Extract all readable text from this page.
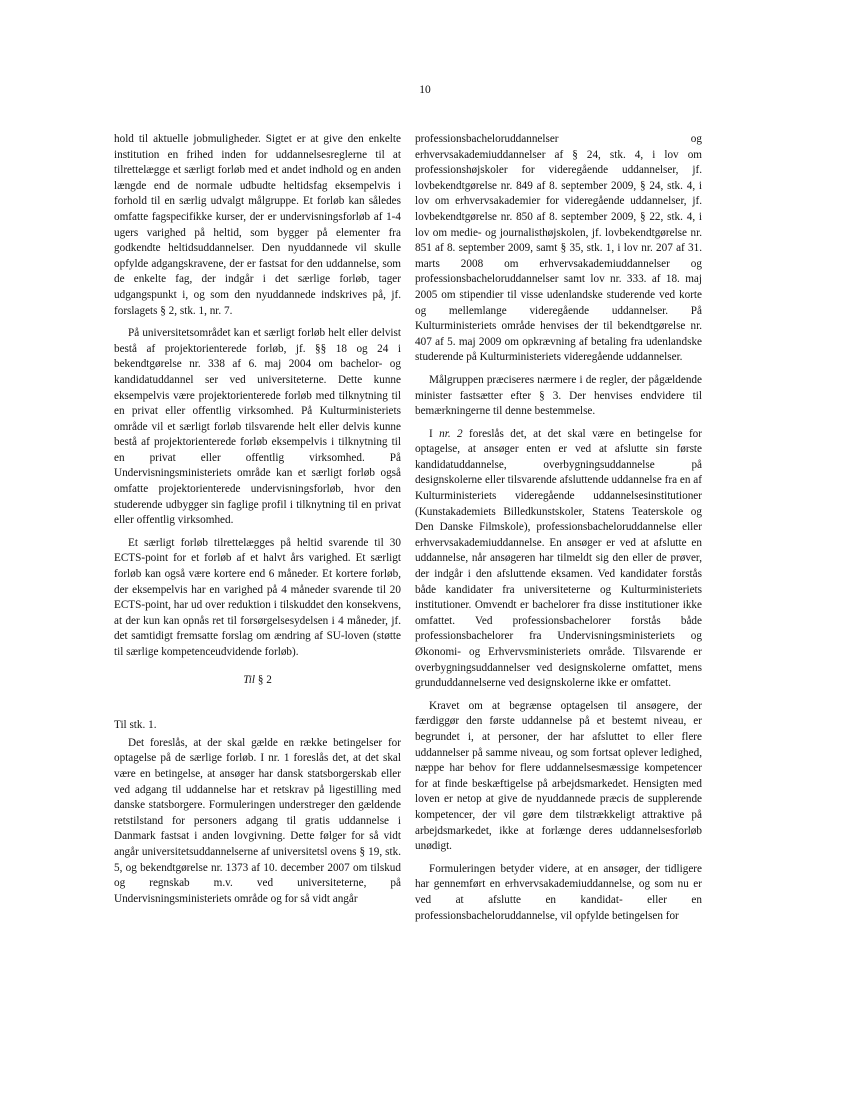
10

hold til aktuelle jobmuligheder. Sigtet er at give den enkelte institution en frihed inden for uddannelsesreglerne til at tilrettelægge et særligt forløb med et andet indhold og en anden længde end de normale udbudte heltidsfag eksempelvis i forhold til en særlig udvalgt målgruppe. Et forløb kan således omfatte fagspecifikke kurser, der er undervisningsforløb af 1-4 ugers varighed på heltid, som bygger på elementer fra godkendte heltidsuddannelser. Den nyuddannede vil skulle opfylde adgangskravene, der er fastsat for den uddannelse, som de enkelte fag, der indgår i det særlige forløb, tager udgangspunkt i, og som den nyuddannede indskrives på, jf. forslagets § 2, stk. 1, nr. 7.

På universitetsområdet kan et særligt forløb helt eller delvist bestå af projektorienterede forløb, jf. §§ 18 og 24 i bekendtgørelse nr. 338 af 6. maj 2004 om bachelor- og kandidatuddannel ser ved universiteterne. Dette kunne eksempelvis være projektorienterede forløb med tilknytning til en privat eller offentlig virksomhed. På Kulturministeriets område vil et særligt forløb tilsvarende helt eller delvis kunne bestå af projektorienterede forløb eksempelvis i tilknytning til en privat eller offentlig virksomhed. På Undervisningsministeriets område kan et særligt forløb også omfatte projektorienterede undervisningsforløb, hvor den studerende udbygger sin faglige profil i tilknytning til en privat eller offentlig virksomhed.

Et særligt forløb tilrettelægges på heltid svarende til 30 ECTS-point for et forløb af et halvt års varighed. Et særligt forløb kan også være kortere end 6 måneder. Et kortere forløb, der eksempelvis har en varighed på 4 måneder svarende til 20 ECTS-point, har ud over reduktion i tilskuddet den konsekvens, at der kun kan opnås ret til forsørgelsesydelsen i 4 måneder, jf. det samtidigt fremsatte forslag om ændring af SU-loven (støtte til særlige kompetenceudvidende forløb).

Til § 2

Til stk. 1.

Det foreslås, at der skal gælde en række betingelser for optagelse på de særlige forløb. I nr. 1 foreslås det, at det skal være en betingelse, at ansøger har dansk statsborgerskab eller ved adgang til uddannelse har et retskrav på ligestilling med danske statsborgere. Formuleringen understreger den gældende retstilstand for personers adgang til gratis uddannelse i Danmark fastsat i anden lovgivning. Dette følger for så vidt angår universitetsuddannelserne af universitetsl ovens § 19, stk. 5, og bekendtgørelse nr. 1373 af 10. december 2007 om tilskud og regnskab m.v. ved universiteterne, på Undervisningsministeriets område og for så vidt angår

professionsbacheloruddannelser og erhvervsakademiuddannelser af § 24, stk. 4, i lov om professionshøjskoler for videregående uddannelser, jf. lovbekendtgørelse nr. 849 af 8. september 2009, § 24, stk. 4, i lov om erhvervsakademier for videregående uddannelser, jf. lovbekendtgørelse nr. 850 af 8. september 2009, § 22, stk. 4, i lov om medie- og journalisthøjskolen, jf. lovbekendtgørelse nr. 851 af 8. september 2009, samt § 35, stk. 1, i lov nr. 207 af 31. marts 2008 om erhvervsakademiuddannelser og professionsbacheloruddannelser samt lov nr. 333. af 18. maj 2005 om stipendier til visse udenlandske studerende ved korte og mellemlange videregående uddannelser. På Kulturministeriets område henvises der til bekendtgørelse nr. 407 af 5. maj 2009 om opkrævning af betaling fra udenlandske studerende på Kulturministeriets videregående uddannelser.

Målgruppen præciseres nærmere i de regler, der pågældende minister fastsætter efter § 3. Der henvises endvidere til bemærkningerne til denne bestemmelse.

I nr. 2 foreslås det, at det skal være en betingelse for optagelse, at ansøger enten er ved at afslutte sin første kandidatuddannelse, overbygningsuddannelse på designskolerne eller tilsvarende afsluttende uddannelse fra en af Kulturministeriets videregående uddannelsesinstitutioner (Kunstakademiets Billedkunstskoler, Statens Teaterskole og Den Danske Filmskole), professionsbacheloruddannelse eller erhvervsakademiuddannelse. En ansøger er ved at afslutte en uddannelse, når ansøgeren har tilmeldt sig den eller de prøver, der indgår i den afsluttende eksamen. Ved kandidater forstås både kandidater fra universiteterne og Kulturministeriets institutioner. Omvendt er bachelorer fra disse institutioner ikke omfattet. Ved professionsbachelorer forstås både professionsbachelorer fra Undervisningsministeriets og Økonomi- og Erhvervsministeriets område. Tilsvarende er overbygningsuddannelser ved designskolerne omfattet, mens grunduddannelserne ved designskolerne ikke er omfattet.

Kravet om at begrænse optagelsen til ansøgere, der færdiggør den første uddannelse på et bestemt niveau, er begrundet i, at personer, der har afsluttet to eller flere uddannelser på samme niveau, og som fortsat oplever ledighed, næppe har behov for flere uddannelsesmæssige kompetencer for at finde beskæftigelse på arbejdsmarkedet. Hensigten med loven er netop at give de nyuddannede præcis de supplerende kompetencer, der vil gøre dem tilstrækkeligt attraktive på arbejdsmarkedet, ikke at forlænge deres uddannelsesforløb unødigt.

Formuleringen betyder videre, at en ansøger, der tidligere har gennemført en erhvervsakademiuddannelse, og som nu er ved at afslutte en kandidat- eller en professionsbacheloruddannelse, vil opfylde betingelsen for
